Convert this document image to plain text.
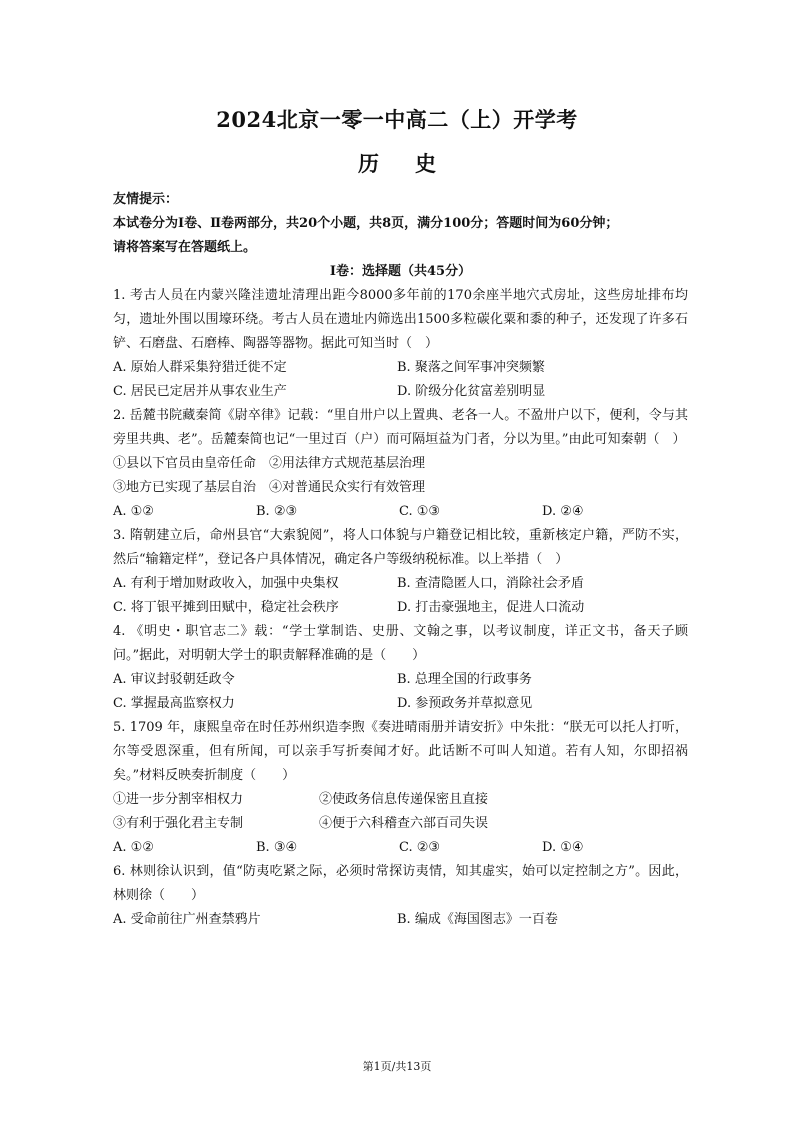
2024北京一零一中高二（上）开学考
历 史
友情提示：
本试卷分为Ⅰ卷、Ⅱ卷两部分，共20个小题，共8页，满分100分；答题时间为60分钟；
请将答案写在答题纸上。
Ⅰ卷：选择题（共45分）
1. 考古人员在内蒙兴隆洼遗址清理出距今8000多年前的170余座半地穴式房址，这些房址排布均匀，遗址外围以围壕环绕。考古人员在遗址内筛选出1500多粒碳化粟和黍的种子，还发现了许多石铲、石磨盘、石磨棒、陶器等器物。据此可知当时（　）
A. 原始人群采集狩猎迁徙不定	B. 聚落之间军事冲突频繁
C. 居民已定居并从事农业生产	D. 阶级分化贫富差别明显
2. 岳麓书院藏秦简《尉卒律》记载：“里自卅户以上置典、老各一人。不盈卅户以下，便利，令与其旁里共典、老”。岳麓秦简也记“一里过百（户）而可隔垣益为门者，分以为里。”由此可知秦朝（　）
①县以下官员由皇帝任命　②用法律方式规范基层治理
③地方已实现了基层自治　④对普通民众实行有效管理
A. ①②	B. ②③	C. ①③	D. ②④
3. 隋朝建立后，命州县官“大索貌阅”，将人口体貌与户籍登记相比较，重新核定户籍，严防不实，然后“输籍定样”，登记各户具体情况，确定各户等级纳税标准。以上举措（　）
A. 有利于增加财政收入，加强中央集权	B. 查清隐匿人口，消除社会矛盾
C. 将丁银平摊到田赋中，稳定社会秩序	D. 打击豪强地主，促进人口流动
4. 《明史・职官志二》载：“学士掌制诰、史册、文翰之事，以考议制度，详正文书，备天子顾问。”据此，对明朝大学士的职责解释准确的是（　　）
A. 审议封驳朝廷政令	B. 总理全国的行政事务
C. 掌握最高监察权力	D. 参预政务并草拟意见
5. 1709 年，康熙皇帝在时任苏州织造李煦《奏进晴雨册并请安折》中朱批：“朕无可以托人打听，尔等受恩深重，但有所闻，可以亲手写折奏闻才好。此话断不可叫人知道。若有人知，尔即招祸矣。”材料反映奏折制度（　　）
①进一步分割宰相权力	②使政务信息传递保密且直接
③有利于强化君主专制	④便于六科稽查六部百司失误
A. ①②	B. ③④	C. ②③	D. ①④
6. 林则徐认识到，值“防夷吃紧之际，必须时常探访夷情，知其虚实，始可以定控制之方”。因此，林则徐（　　）
A. 受命前往广州查禁鸦片	B. 编成《海国图志》一百卷
第1页/共13页
